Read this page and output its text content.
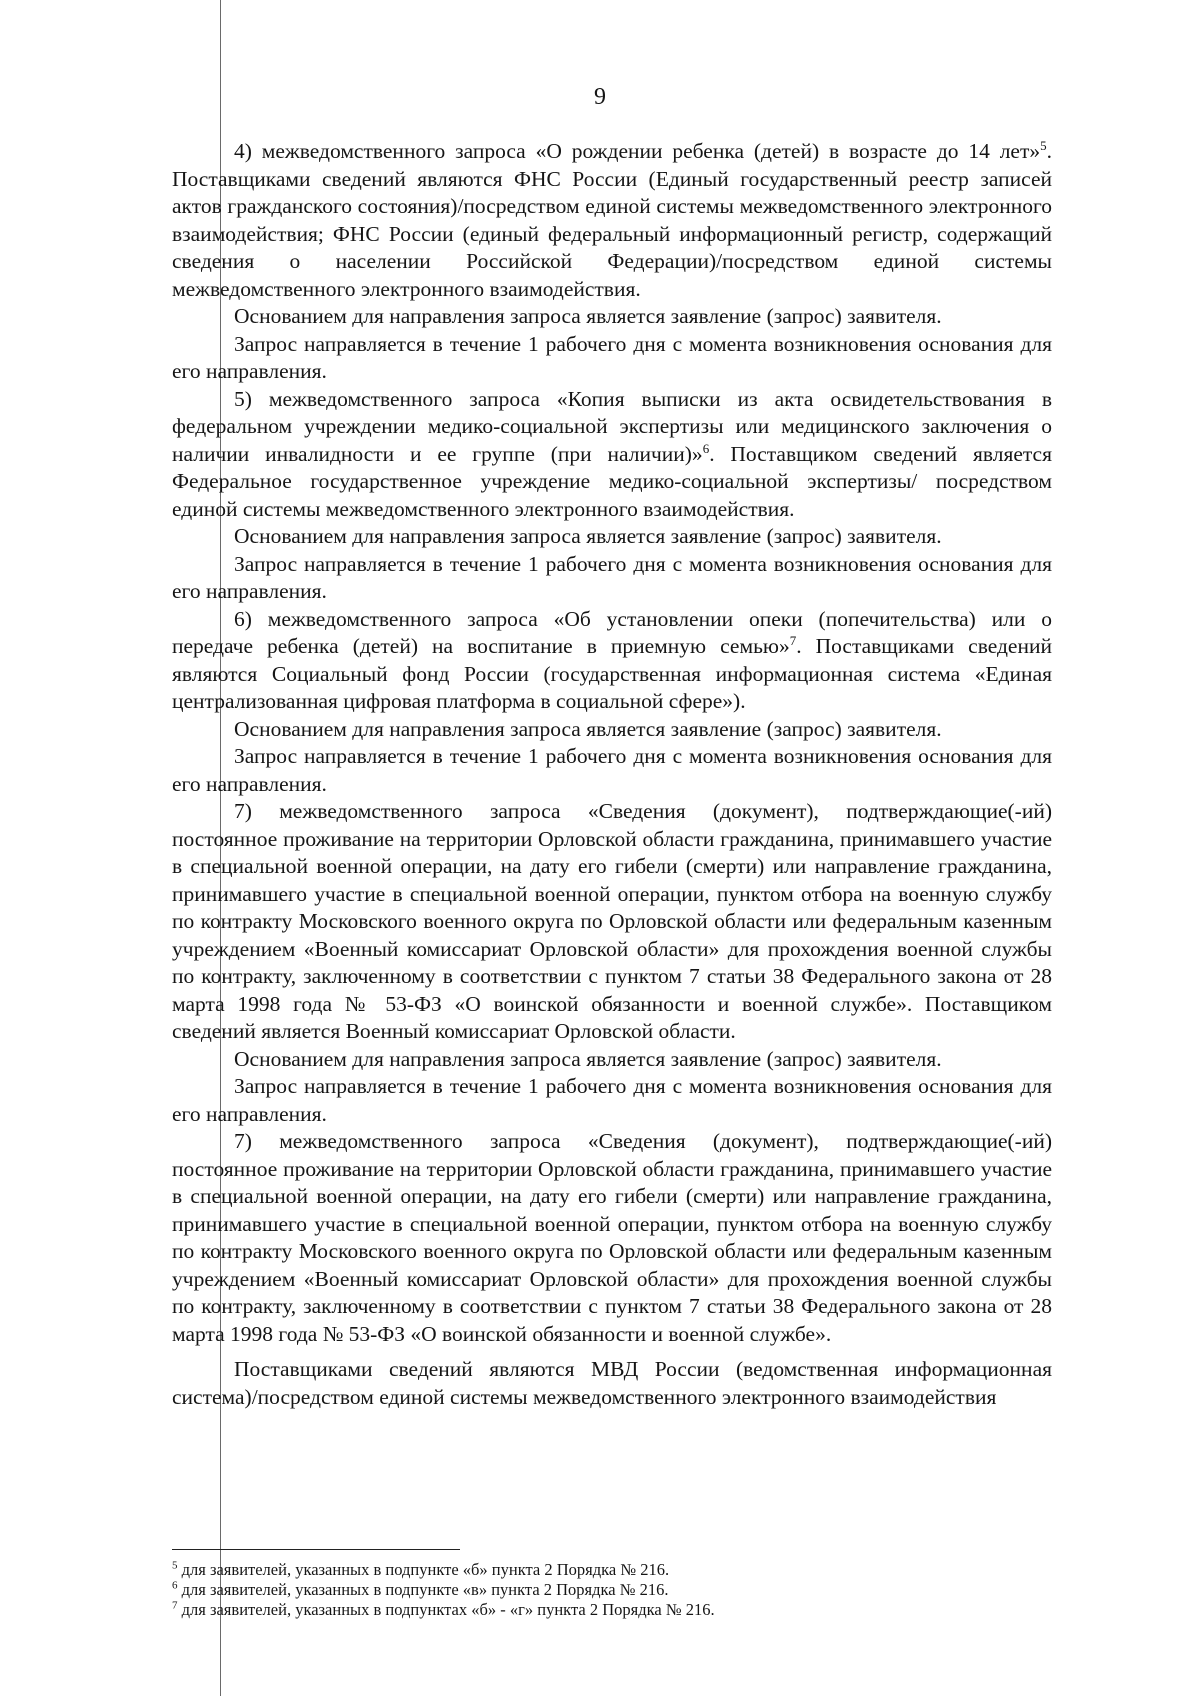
9

4) межведомственного запроса «О рождении ребенка (детей) в возрасте до 14 лет»$^5$. Поставщиками сведений являются ФНС России (Единый государственный реестр записей актов гражданского состояния)/посредством единой системы межведомственного электронного взаимодействия; ФНС России (единый федеральный информационный регистр, содержащий сведения о населении Российской Федерации)/посредством единой системы межведомственного электронного взаимодействия.

Основанием для направления запроса является заявление (запрос) заявителя.

Запрос направляется в течение 1 рабочего дня с момента возникновения основания для его направления.

5) межведомственного запроса «Копия выписки из акта освидетельствования в федеральном учреждении медико-социальной экспертизы или медицинского заключения о наличии инвалидности и ее группе (при наличии)»$^6$. Поставщиком сведений является Федеральное государственное учреждение медико-социальной экспертизы/ посредством единой системы межведомственного электронного взаимодействия.

Основанием для направления запроса является заявление (запрос) заявителя.

Запрос направляется в течение 1 рабочего дня с момента возникновения основания для его направления.

6) межведомственного запроса «Об установлении опеки (попечительства) или о передаче ребенка (детей) на воспитание в приемную семью»$^7$. Поставщиками сведений являются Социальный фонд России (государственная информационная система «Единая централизованная цифровая платформа в социальной сфере»).

Основанием для направления запроса является заявление (запрос) заявителя.

Запрос направляется в течение 1 рабочего дня с момента возникновения основания для его направления.

7) межведомственного запроса «Сведения (документ), подтверждающие(-ий) постоянное проживание на территории Орловской области гражданина, принимавшего участие в специальной военной операции, на дату его гибели (смерти) или направление гражданина, принимавшего участие в специальной военной операции, пунктом отбора на военную службу по контракту Московского военного округа по Орловской области или федеральным казенным учреждением «Военный комиссариат Орловской области» для прохождения военной службы по контракту, заключенному в соответствии с пунктом 7 статьи 38 Федерального закона от 28 марта 1998 года № 53-ФЗ «О воинской обязанности и военной службе». Поставщиком сведений является Военный комиссариат Орловской области.

Основанием для направления запроса является заявление (запрос) заявителя.

Запрос направляется в течение 1 рабочего дня с момента возникновения основания для его направления.

7) межведомственного запроса «Сведения (документ), подтверждающие(-ий) постоянное проживание на территории Орловской области гражданина, принимавшего участие в специальной военной операции, на дату его гибели (смерти) или направление гражданина, принимавшего участие в специальной военной операции, пунктом отбора на военную службу по контракту Московского военного округа по Орловской области или федеральным казенным учреждением «Военный комиссариат Орловской области» для прохождения военной службы по контракту, заключенному в соответствии с пунктом 7 статьи 38 Федерального закона от 28 марта 1998 года № 53-ФЗ «О воинской обязанности и военной службе».

Поставщиками сведений являются МВД России (ведомственная информационная система)/посредством единой системы межведомственного электронного взаимодействия

$^5$ для заявителей, указанных в подпункте «б» пункта 2 Порядка № 216.
$^6$ для заявителей, указанных в подпункте «в» пункта 2 Порядка № 216.
$^7$ для заявителей, указанных в подпунктах «б» - «г» пункта 2 Порядка № 216.
